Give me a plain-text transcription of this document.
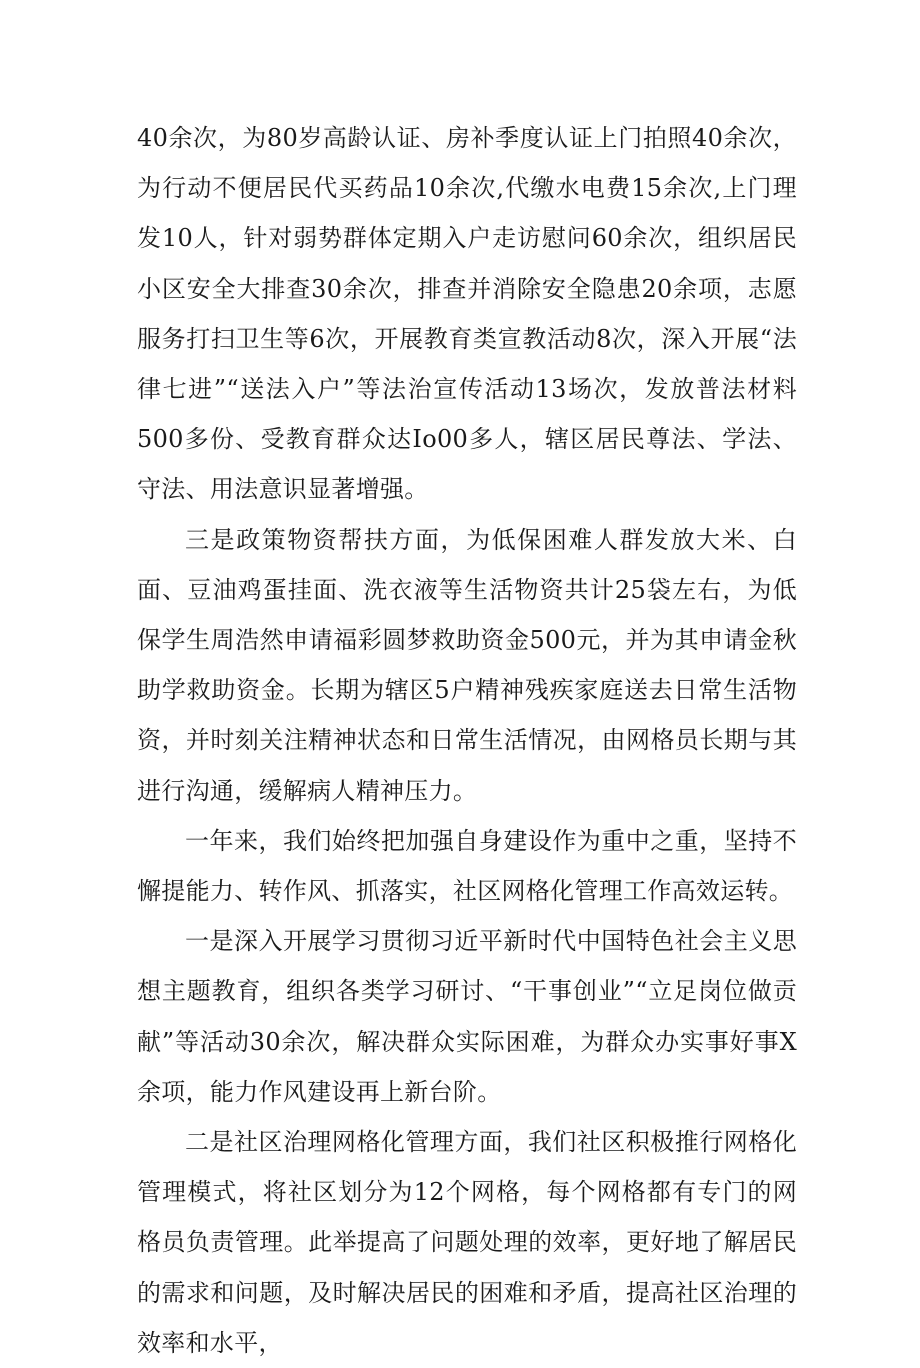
40余次，为80岁高龄认证、房补季度认证上门拍照40余次，为行动不便居民代买药品10余次,代缴水电费15余次,上门理发10人，针对弱势群体定期入户走访慰问60余次，组织居民小区安全大排查30余次，排查并消除安全隐患20余项，志愿服务打扫卫生等6次，开展教育类宣教活动8次，深入开展“法律七进”“送法入户”等法治宣传活动13场次，发放普法材料500多份、受教育群众达Io00多人，辖区居民尊法、学法、守法、用法意识显著增强。

三是政策物资帮扶方面，为低保困难人群发放大米、白面、豆油鸡蛋挂面、洗衣液等生活物资共计25袋左右，为低保学生周浩然申请福彩圆梦救助资金500元，并为其申请金秋助学救助资金。长期为辖区5户精神残疾家庭送去日常生活物资，并时刻关注精神状态和日常生活情况，由网格员长期与其进行沟通，缓解病人精神压力。

一年来，我们始终把加强自身建设作为重中之重，坚持不懈提能力、转作风、抓落实，社区网格化管理工作高效运转。

一是深入开展学习贯彻习近平新时代中国特色社会主义思想主题教育，组织各类学习研讨、“干事创业”“立足岗位做贡献”等活动30余次，解决群众实际困难，为群众办实事好事X余项，能力作风建设再上新台阶。

二是社区治理网格化管理方面，我们社区积极推行网格化管理模式，将社区划分为12个网格，每个网格都有专门的网格员负责管理。此举提高了问题处理的效率，更好地了解居民的需求和问题，及时解决居民的困难和矛盾，提高社区治理的效率和水平，
